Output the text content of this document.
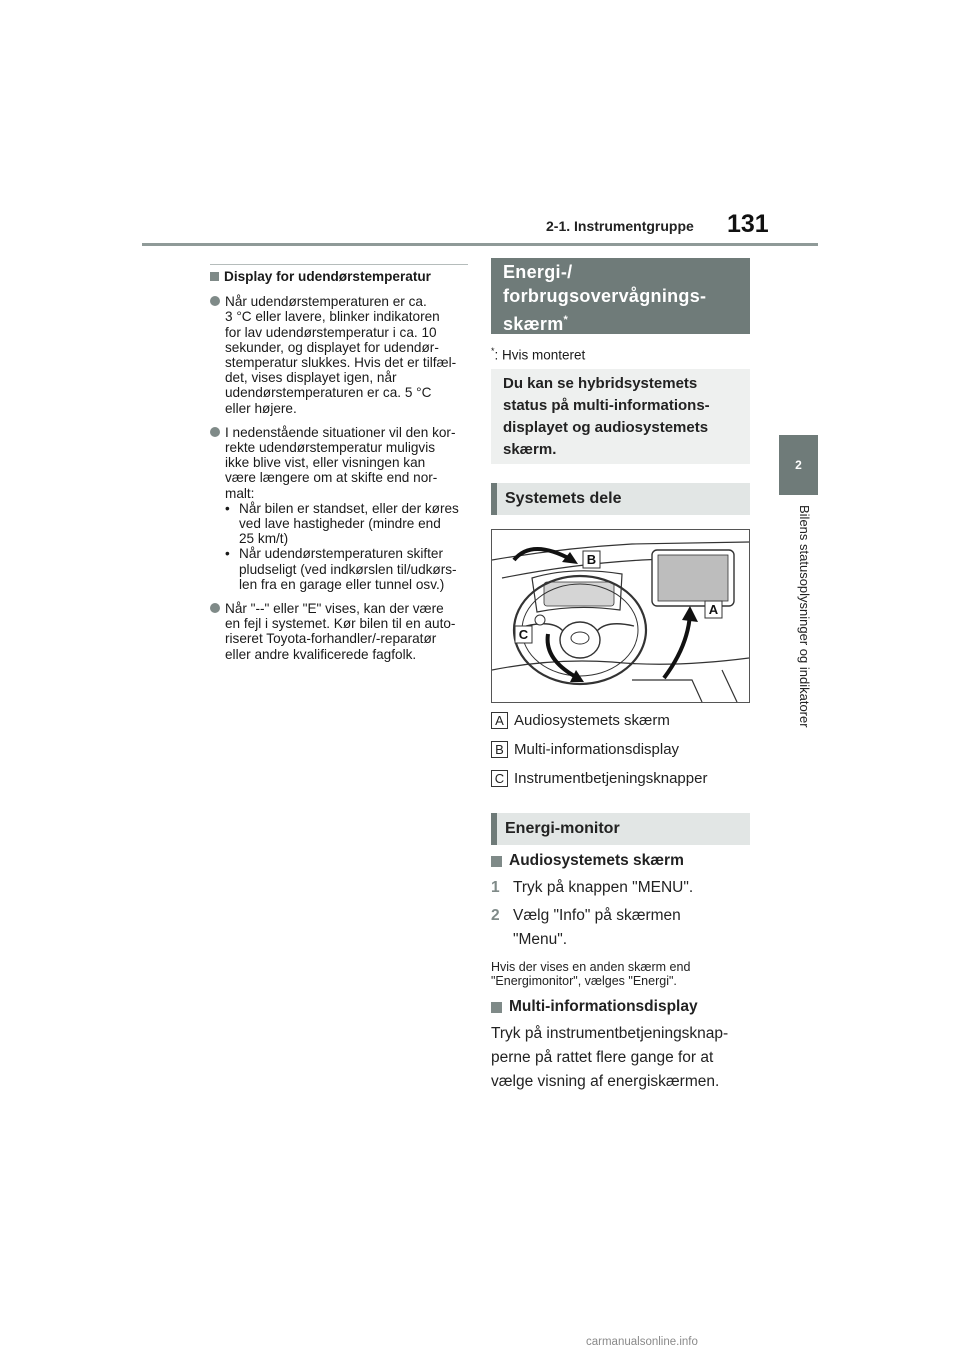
2-1. Instrumentgruppe 131
2
Bilens statusoplysninger og indikatorer
Display for udendørstemperatur
Når udendørstemperaturen er ca.
3 °C eller lavere, blinker indikatoren
for lav udendørstemperatur i ca. 10
sekunder, og displayet for udendør-
stemperatur slukkes. Hvis det er tilfæl-
det, vises displayet igen, når
udendørstemperaturen er ca. 5 °C
eller højere.
I nedenstående situationer vil den kor-
rekte udendørstemperatur muligvis
ikke blive vist, eller visningen kan
være længere om at skifte end nor-
malt:
• Når bilen er standset, eller der køres
ved lave hastigheder (mindre end
25 km/t)
• Når udendørstemperaturen skifter
pludseligt (ved indkørslen til/udkørs-
len fra en garage eller tunnel osv.)
Når "--" eller "E" vises, kan der være
en fejl i systemet. Kør bilen til en auto-
riseret Toyota-forhandler/-reparatør
eller andre kvalificerede fagfolk.
Energi-/
forbrugsovervågnings-
skærm*
*: Hvis monteret
Du kan se hybridsystemets
status på multi-informations-
displayet og audiosystemets
skærm.
Systemets dele
B
A
C
A Audiosystemets skærm
B Multi-informationsdisplay
C Instrumentbetjeningsknapper
Energi-monitor
Audiosystemets skærm
1 Tryk på knappen "MENU".
2 Vælg "Info" på skærmen
"Menu".
Hvis der vises en anden skærm end
"Energimonitor", vælges "Energi".
Multi-informationsdisplay
Tryk på instrumentbetjeningsknap-
perne på rattet flere gange for at
vælge visning af energiskærmen.
carmanualsonline.info
